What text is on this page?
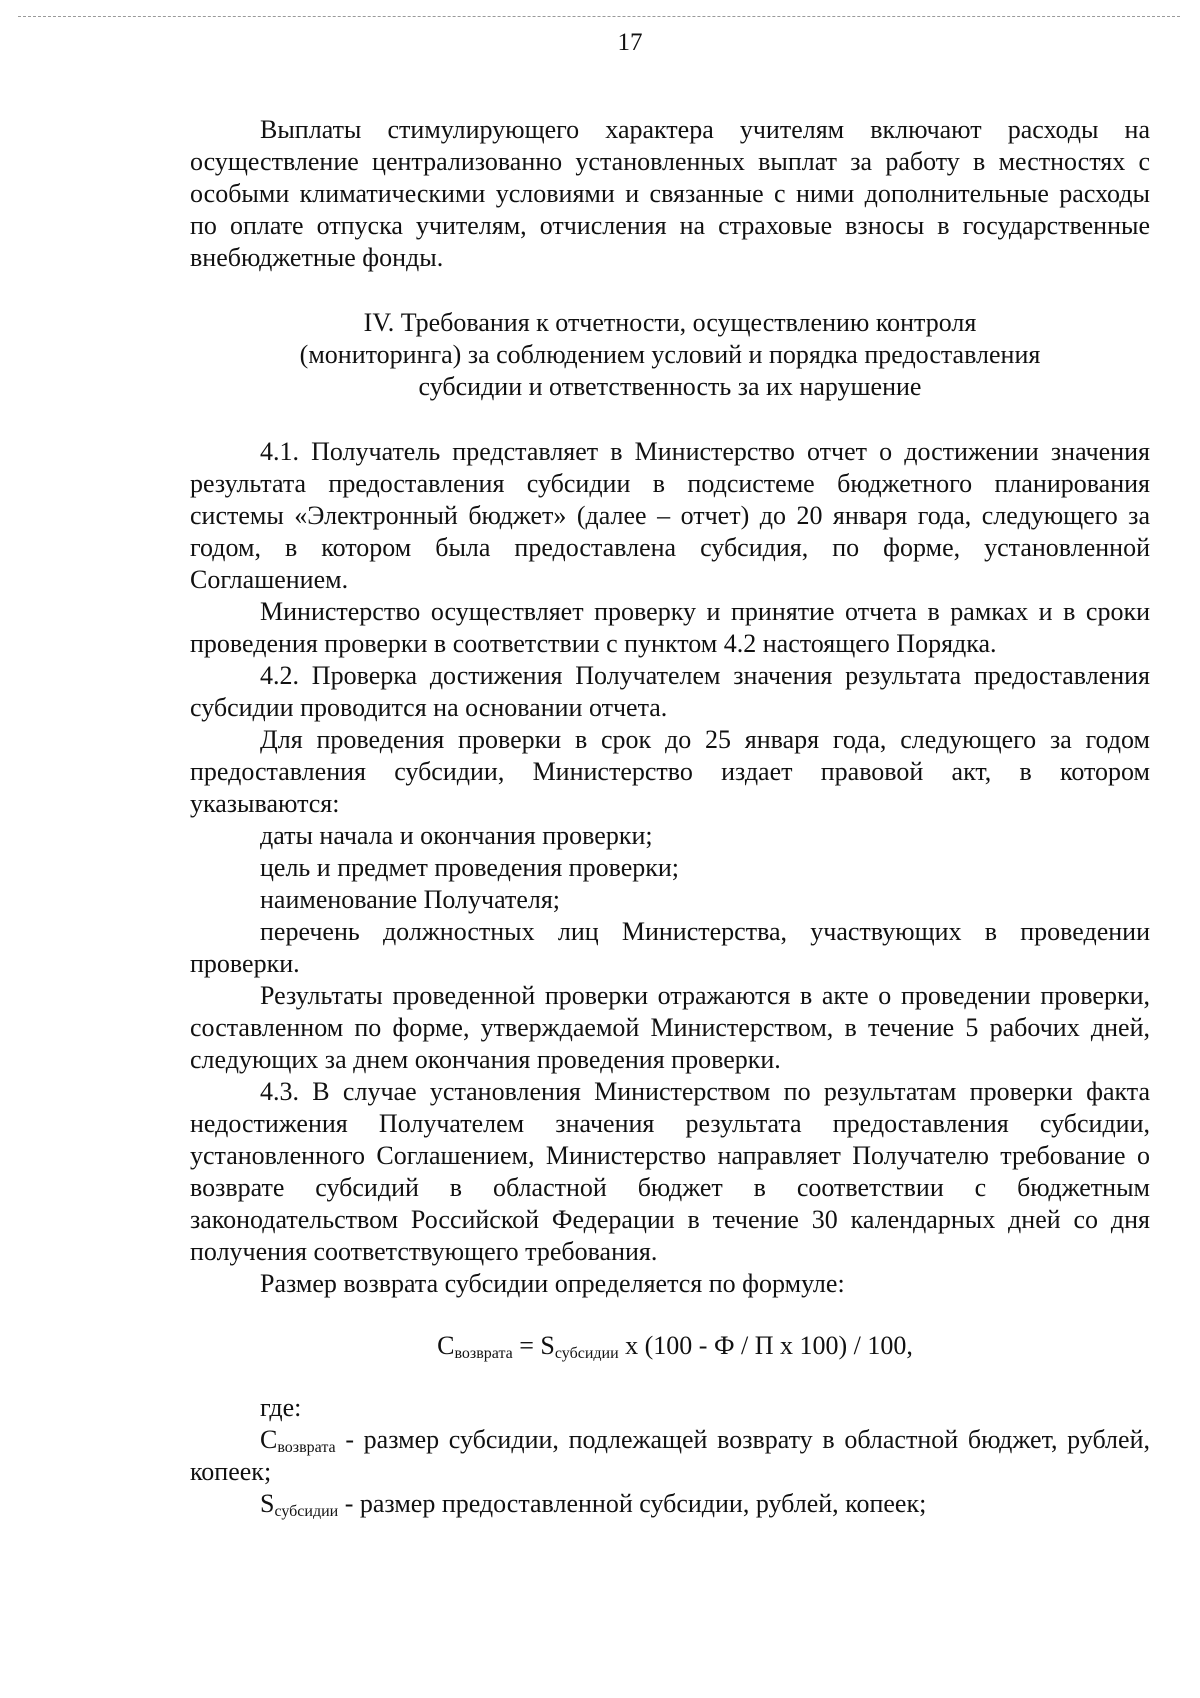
17

Выплаты стимулирующего характера учителям включают расходы на осуществление централизованно установленных выплат за работу в местностях с особыми климатическими условиями и связанные с ними дополнительные расходы по оплате отпуска учителям, отчисления на страховые взносы в государственные внебюджетные фонды.

IV. Требования к отчетности, осуществлению контроля
(мониторинга) за соблюдением условий и порядка предоставления
субсидии и ответственность за их нарушение

4.1. Получатель представляет в Министерство отчет о достижении значения результата предоставления субсидии в подсистеме бюджетного планирования системы «Электронный бюджет» (далее – отчет) до 20 января года, следующего за годом, в котором была предоставлена субсидия, по форме, установленной Соглашением.

Министерство осуществляет проверку и принятие отчета в рамках и в сроки проведения проверки в соответствии с пунктом 4.2 настоящего Порядка.

4.2. Проверка достижения Получателем значения результата предоставления субсидии проводится на основании отчета.

Для проведения проверки в срок до 25 января года, следующего за годом предоставления субсидии, Министерство издает правовой акт, в котором указываются:

даты начала и окончания проверки;

цель и предмет проведения проверки;

наименование Получателя;

перечень должностных лиц Министерства, участвующих в проведении проверки.

Результаты проведенной проверки отражаются в акте о проведении проверки, составленном по форме, утверждаемой Министерством, в течение 5 рабочих дней, следующих за днем окончания проведения проверки.

4.3. В случае установления Министерством по результатам проверки факта недостижения Получателем значения результата предоставления субсидии, установленного Соглашением, Министерство направляет Получателю требование о возврате субсидий в областной бюджет в соответствии с бюджетным законодательством Российской Федерации в течение 30 календарных дней со дня получения соответствующего требования.

Размер возврата субсидии определяется по формуле:

$С_{возврата} = S_{субсидии}$ x (100 - Ф / П x 100) / 100,

где:

$С_{возврата}$ - размер субсидии, подлежащей возврату в областной бюджет, рублей, копеек;

$S_{субсидии}$ - размер предоставленной субсидии, рублей, копеек;
